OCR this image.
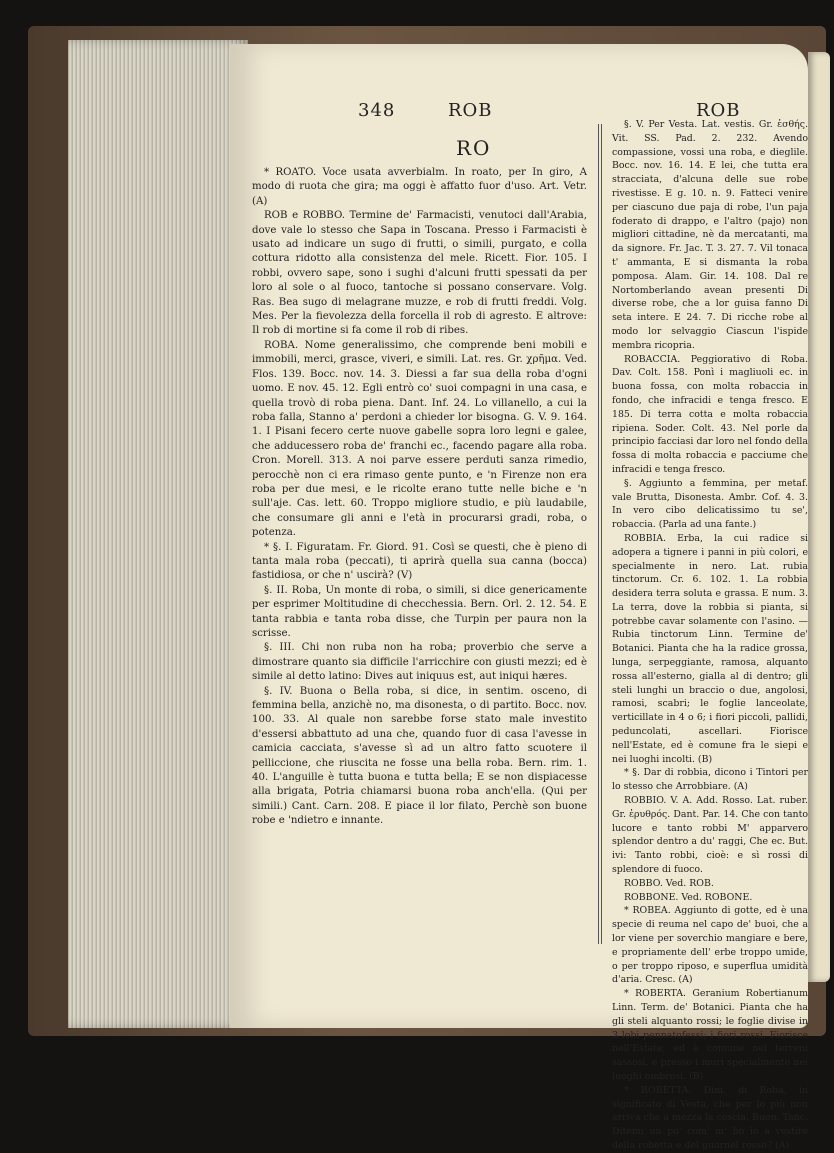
348	ROB	ROB
RO

* ROATO. Voce usata avverbialm. In roato, per In giro, A modo di ruota che gira; ma oggi è affatto fuor d'uso. Art. Vetr. (A)

ROB e ROBBO. Termine de' Farmacisti, venutoci dall'Arabia, dove vale lo stesso che Sapa in Toscana. Presso i Farmacisti è usato ad indicare un sugo di frutti, o simili, purgato, e colla cottura ridotto alla consistenza del mele. Ricett. Fior. 105. I robbi, ovvero sape, sono i sughi d'alcuni frutti spessati da per loro al sole o al fuoco, tantoche si possano conservare. Volg. Ras. Bea sugo di melagrane muzze, e rob di frutti freddi. Volg. Mes. Per la fievolezza della forcella il rob di agresto. E altrove: Il rob di mortine si fa come il rob di ribes.

ROBA. Nome generalissimo, che comprende beni mobili e immobili, merci, grasce, viveri, e simili. Lat. res. Gr. χρῆμα. Ved. Flos. 139. Bocc. nov. 14. 3. Diessi a far sua della roba d'ogni uomo. E nov. 45. 12. Egli entrò co' suoi compagni in una casa, e quella trovò di roba piena. Dant. Inf. 24. Lo villanello, a cui la roba falla, Stanno a' perdoni a chieder lor bisogna. G. V. 9. 164. 1. I Pisani fecero certe nuove gabelle sopra loro legni e galee, che adducessero roba de' franchi ec., facendo pagare alla roba. Cron. Morell. 313. A noi parve essere perduti sanza rimedio, perocchè non ci era rimaso gente punto, e 'n Firenze non era roba per due mesi, e le ricolte erano tutte nelle biche e 'n sull'aje. Cas. lett. 60. Troppo migliore studio, e più laudabile, che consumare gli anni e l'età in procurarsi gradi, roba, o potenza.

* §. I. Figuratam. Fr. Giord. 91. Così se questi, che è pieno di tanta mala roba (peccati), ti aprirà quella sua canna (bocca) fastidiosa, or che n' uscirà? (V)

§. II. Roba, Un monte di roba, o simili, si dice genericamente per esprimer Moltitudine di checchessia. Bern. Orl. 2. 12. 54. E tanta rabbia e tanta roba disse, che Turpin per paura non la scrisse.

§. III. Chi non ruba non ha roba; proverbio che serve a dimostrare quanto sia difficile l'arricchire con giusti mezzi; ed è simile al detto latino: Dives aut iniquus est, aut iniqui hæres.

§. IV. Buona o Bella roba, si dice, in sentim. osceno, di femmina bella, anzichè no, ma disonesta, o di partito. Bocc. nov. 100. 33. Al quale non sarebbe forse stato male investito d'essersi abbattuto ad una che, quando fuor di casa l'avesse in camicia cacciata, s'avesse sì ad un altro fatto scuotere il pelliccione, che riuscita ne fosse una bella roba. Bern. rim. 1. 40. L'anguille è tutta buona e tutta bella; E se non dispiacesse alla brigata, Potria chiamarsi buona roba anch'ella. (Qui per simili.) Cant. Carn. 208. E piace il lor filato, Perchè son buone robe e 'ndietro e innante.

§. V. Per Vesta. Lat. vestis. Gr. ἐσθής. Vit. SS. Pad. 2. 232. Avendo compassione, vossi una roba, e dieglile. Bocc. nov. 16. 14. E lei, che tutta era stracciata, d'alcuna delle sue robe rivestisse. E g. 10. n. 9. Fatteci venire per ciascuno due paja di robe, l'un paja foderato di drappo, e l'altro (pajo) non migliori cittadine, nè da mercatanti, ma da signore. Fr. Jac. T. 3. 27. 7. Vil tonaca t' ammanta, E si dismanta la roba pomposa. Alam. Gir. 14. 108. Dal re Nortomberlando avean presenti Di diverse robe, che a lor guisa fanno Di seta intere. E 24. 7. Di ricche robe al modo lor selvaggio Ciascun l'ispide membra ricopria.

ROBACCIA. Peggiorativo di Roba. Dav. Colt. 158. Ponì i magliuoli ec. in buona fossa, con molta robaccia in fondo, che infracidi e tenga fresco. E 185. Di terra cotta e molta robaccia ripiena. Soder. Colt. 43. Nel porle da principio facciasi dar loro nel fondo della fossa di molta robaccia e pacciume che infracidi e tenga fresco.

§. Aggiunto a femmina, per metaf. vale Brutta, Disonesta. Ambr. Cof. 4. 3. In vero cibo delicatissimo tu se', robaccia. (Parla ad una fante.)

ROBBIA. Erba, la cui radice si adopera a tignere i panni in più colori, e specialmente in nero. Lat. rubia tinctorum. Cr. 6. 102. 1. La robbia desidera terra soluta e grassa. E num. 3. La terra, dove la robbia si pianta, si potrebbe cavar solamente con l'asino. — Rubia tinctorum Linn. Termine de' Botanici. Pianta che ha la radice grossa, lunga, serpeggiante, ramosa, alquanto rossa all'esterno, gialla al di dentro; gli steli lunghi un braccio o due, angolosi, ramosi, scabri; le foglie lanceolate, verticillate in 4 o 6; i fiori piccoli, pallidi, peduncolati, ascellari. Fiorisce nell'Estate, ed è comune fra le siepi e nei luoghi incolti. (B)

* §. Dar di robbia, dicono i Tintori per lo stesso che Arrobbiare. (A)

ROBBIO. V. A. Add. Rosso. Lat. ruber. Gr. ἐρυθρός. Dant. Par. 14. Che con tanto lucore e tanto robbi M' apparvero splendor dentro a du' raggi, Che ec. But. ivi: Tanto robbi, cioè: e sì rossi di splendore di fuoco.

ROBBO. Ved. ROB.

ROBBONE. Ved. ROBONE.

* ROBEA. Aggiunto di gotte, ed è una specie di reuma nel capo de' buoi, che a lor viene per soverchio mangiare e bere, e propriamente dell' erbe troppo umide, o per troppo riposo, e superflua umidità d'aria. Cresc. (A)

* ROBERTA. Geranium Robertianum Linn. Term. de' Botanici. Pianta che ha gli steli alquanto rossi; le foglie divise in 3 lobi pennatofessi; i fiori rossi. Fiorisce nell'Estate, ed è comune nei terreni sassosi, e presso i muri specialmente nei luoghi ombrosi. (B)

* ROBETTA. Dim. di Roba, in significato di Vesta, che per lo più non arriva che a mezza la coscia. Buon. Tanc. Ditemi un po' com' m' ho io a vestire della robetta e del guarnel rosso? (A)
